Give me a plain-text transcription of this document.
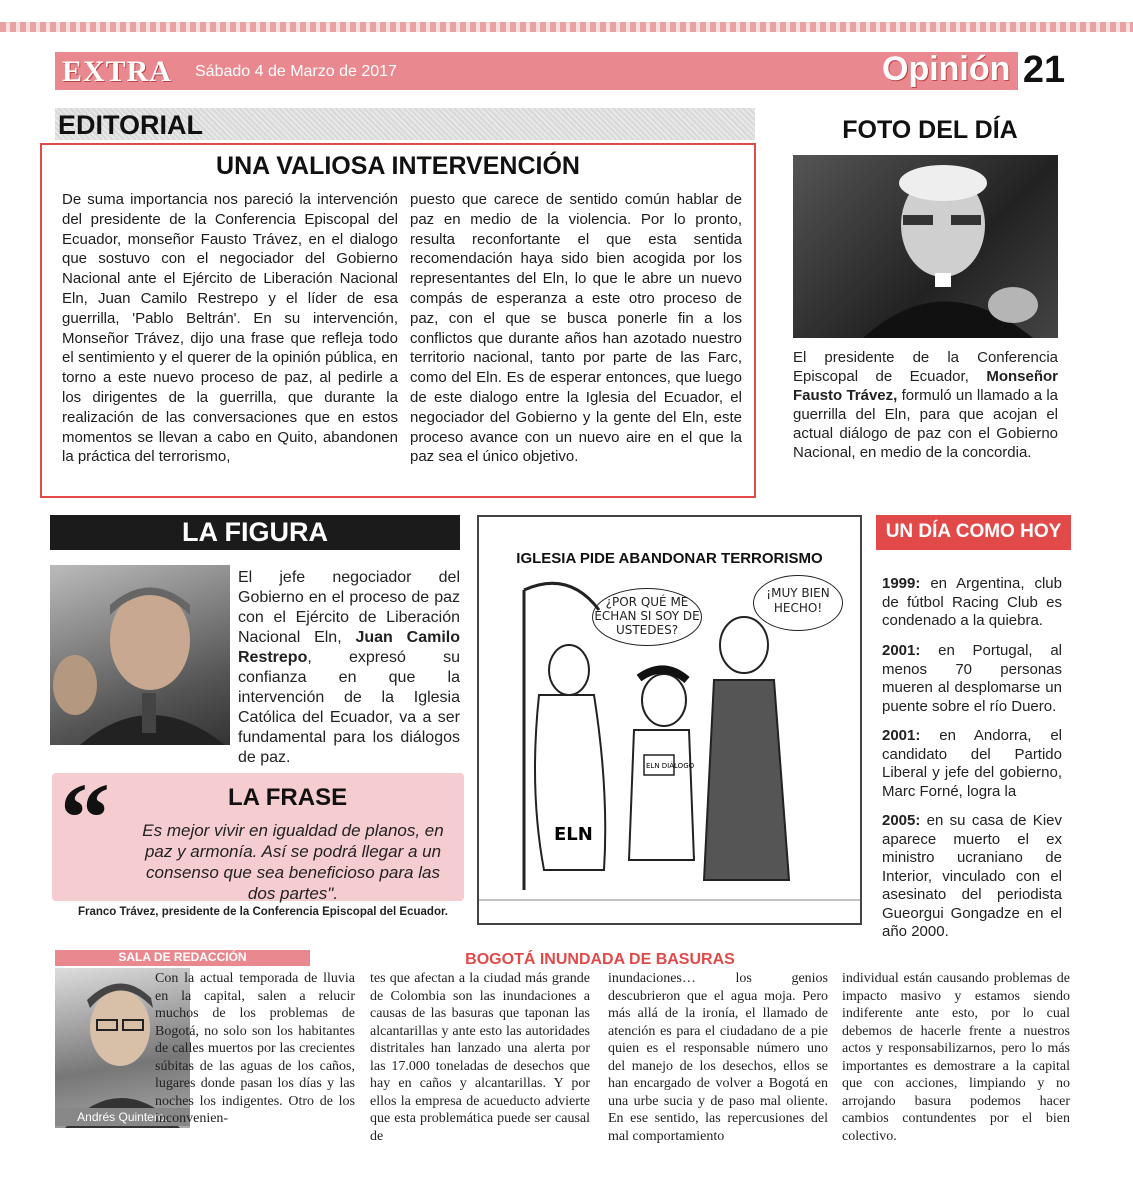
EXTRA Sábado 4 de Marzo de 2017	Opinión 21
EDITORIAL
UNA VALIOSA INTERVENCIÓN
De suma importancia nos pareció la intervención del presidente de la Conferencia Episcopal del Ecuador, monseñor Fausto Trávez, en el dialogo que sostuvo con el negociador del Gobierno Nacional ante el Ejército de Liberación Nacional Eln, Juan Camilo Restrepo y el líder de esa guerrilla, 'Pablo Beltrán'. En su intervención, Monseñor Trávez, dijo una frase que refleja todo el sentimiento y el querer de la opinión pública, en torno a este nuevo proceso de paz, al pedirle a los dirigentes de la guerrilla, que durante la realización de las conversaciones que en estos momentos se llevan a cabo en Quito, abandonen la práctica del terrorismo,
puesto que carece de sentido común hablar de paz en medio de la violencia. Por lo pronto, resulta reconfortante el que esta sentida recomendación haya sido bien acogida por los representantes del Eln, lo que le abre un nuevo compás de esperanza a este otro proceso de paz, con el que se busca ponerle fin a los conflictos que durante años han azotado nuestro territorio nacional, tanto por parte de las Farc, como del Eln. Es de esperar entonces, que luego de este dialogo entre la Iglesia del Ecuador, el negociador del Gobierno y la gente del Eln, este proceso avance con un nuevo aire en el que la paz sea el único objetivo.
FOTO DEL DÍA
El presidente de la Conferencia Episcopal de Ecuador, Monseñor Fausto Trávez, formuló un llamado a la guerrilla del Eln, para que acojan el actual diálogo de paz con el Gobierno Nacional, en medio de la concordia.
LA FIGURA
El jefe negociador del Gobierno en el proceso de paz con el Ejército de Liberación Nacional Eln, Juan Camilo Restrepo, expresó su confianza en que la intervención de la Iglesia Católica del Ecuador, va a ser fundamental para los diálogos de paz.
“	LA FRASE
Es mejor vivir en igualdad de planos, en paz y armonía. Así se podrá llegar a un consenso que sea beneficioso para las dos partes".
Franco Trávez, presidente de la Conferencia Episcopal del Ecuador.
IGLESIA PIDE ABANDONAR TERRORISMO
ELN
ELN DIÁLOGO
¿POR QUÉ ME ECHAN SI SOY DE USTEDES?
¡MUY BIEN HECHO!
UN DÍA COMO HOY
1999: en Argentina, club de fútbol Racing Club es condenado a la quiebra.
2001: en Portugal, al menos 70 personas mueren al desplomarse un puente sobre el río Duero.
2001: en Andorra, el candidato del Partido Liberal y jefe del gobierno, Marc Forné, logra la
2005: en su casa de Kiev aparece muerto el ex ministro ucraniano de Interior, vinculado con el asesinato del periodista Gueorgui Gongadze en el año 2000.
SALA DE REDACCIÓN	BOGOTÁ INUNDADA DE BASURAS
Andrés Quintero.
Con la actual temporada de lluvia en la capital, salen a relucir muchos de los problemas de Bogotá, no solo son los habitantes de calles muertos por las crecientes súbitas de las aguas de los caños, lugares donde pasan los días y las noches los indigentes. Otro de los inconvenien-
tes que afectan a la ciudad más grande de Colombia son las inundaciones a causas de las basuras que taponan las alcantarillas y ante esto las autoridades distritales han lanzado una alerta por las 17.000 toneladas de desechos que hay en caños y alcantarillas. Y por ellos la empresa de acueducto advierte que esta problemática puede ser causal de
inundaciones… los genios descubrieron que el agua moja. Pero más allá de la ironía, el llamado de atención es para el ciudadano de a pie quien es el responsable número uno del manejo de los desechos, ellos se han encargado de volver a Bogotá en una urbe sucia y de paso mal oliente. En ese sentido, las repercusiones del mal comportamiento
individual están causando problemas de impacto masivo y estamos siendo indiferente ante esto, por lo cual debemos de hacerle frente a nuestros actos y responsabilizarnos, pero lo más importantes es demostrare a la capital que con acciones, limpiando y no arrojando basura podemos hacer cambios contundentes por el bien colectivo.
